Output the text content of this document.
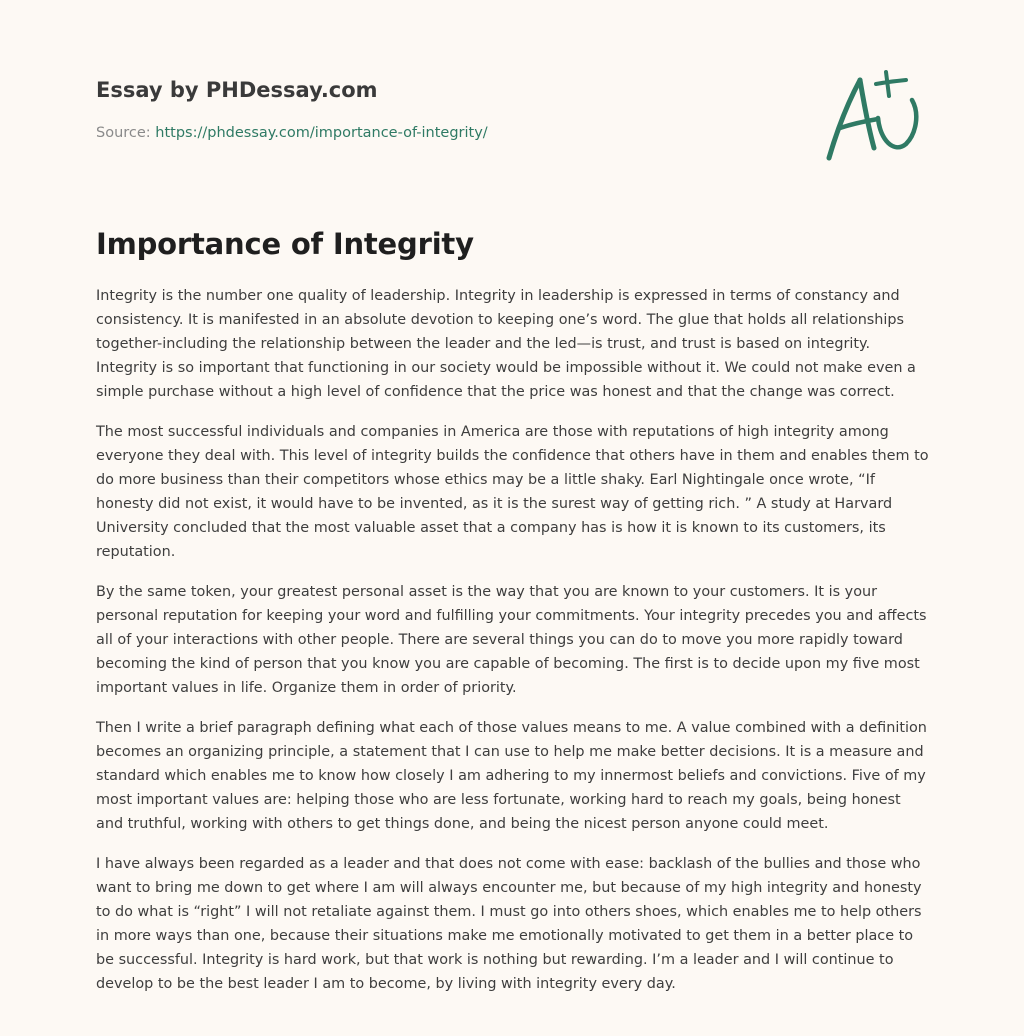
Essay by PHDessay.com
Source: https://phdessay.com/importance-of-integrity/
Importance of Integrity

Integrity is the number one quality of leadership. Integrity in leadership is expressed in terms of constancy and consistency. It is manifested in an absolute devotion to keeping one’s word. The glue that holds all relationships together-including the relationship between the leader and the led—is trust, and trust is based on integrity. Integrity is so important that functioning in our society would be impossible without it. We could not make even a simple purchase without a high level of confidence that the price was honest and that the change was correct.

The most successful individuals and companies in America are those with reputations of high integrity among everyone they deal with. This level of integrity builds the confidence that others have in them and enables them to do more business than their competitors whose ethics may be a little shaky. Earl Nightingale once wrote, “If honesty did not exist, it would have to be invented, as it is the surest way of getting rich. ” A study at Harvard University concluded that the most valuable asset that a company has is how it is known to its customers, its reputation.

By the same token, your greatest personal asset is the way that you are known to your customers. It is your personal reputation for keeping your word and fulfilling your commitments. Your integrity precedes you and affects all of your interactions with other people. There are several things you can do to move you more rapidly toward becoming the kind of person that you know you are capable of becoming. The first is to decide upon my five most important values in life. Organize them in order of priority.

Then I write a brief paragraph defining what each of those values means to me. A value combined with a definition becomes an organizing principle, a statement that I can use to help me make better decisions. It is a measure and standard which enables me to know how closely I am adhering to my innermost beliefs and convictions. Five of my most important values are: helping those who are less fortunate, working hard to reach my goals, being honest and truthful, working with others to get things done, and being the nicest person anyone could meet.

I have always been regarded as a leader and that does not come with ease: backlash of the bullies and those who want to bring me down to get where I am will always encounter me, but because of my high integrity and honesty to do what is “right” I will not retaliate against them. I must go into others shoes, which enables me to help others in more ways than one, because their situations make me emotionally motivated to get them in a better place to be successful. Integrity is hard work, but that work is nothing but rewarding. I’m a leader and I will continue to develop to be the best leader I am to become, by living with integrity every day.
